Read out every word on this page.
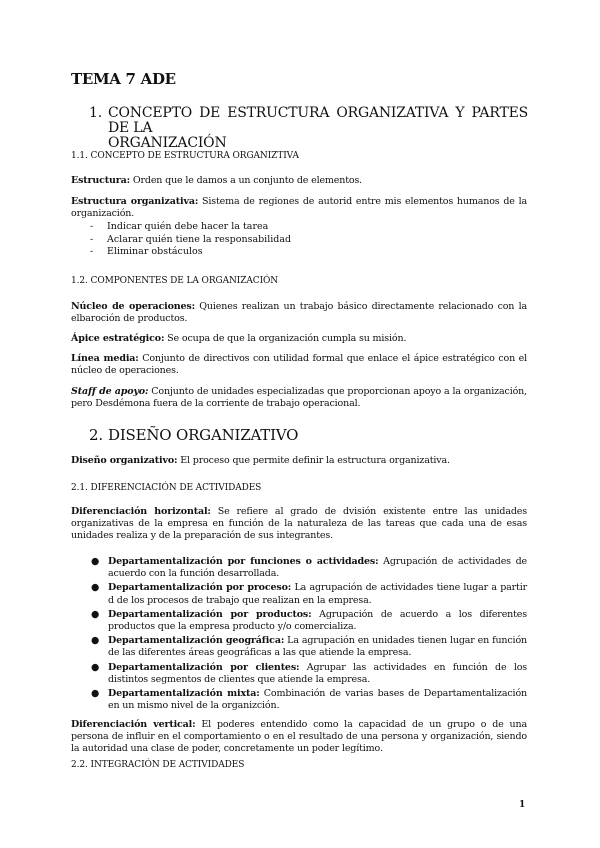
TEMA 7 ADE
1. CONCEPTO DE ESTRUCTURA ORGANIZATIVA Y PARTES DE LA
ORGANIZACIÓN
1.1. CONCEPTO DE ESTRUCTURA ORGANIZTIVA
Estructura: Orden que le damos a un conjunto de elementos.
Estructura organizativa: Sistema de regiones de autorid entre mis elementos humanos de la organización.
- Indicar quién debe hacer la tarea
- Aclarar quién tiene la responsabilidad
- Eliminar obstáculos
1.2. COMPONENTES DE LA ORGANIZACIÓN
Núcleo de operaciones: Quienes realizan un trabajo básico directamente relacionado con la elbaroción de productos.
Ápice estratégico: Se ocupa de que la organización cumpla su misión.
Línea media: Conjunto de directivos con utilidad formal que enlace el ápice estratégico con el núcleo de operaciones.
Staff de apoyo: Conjunto de unidades especializadas que proporcionan apoyo a la organización, pero Desdémona fuera de la corriente de trabajo operacional.
2. DISEÑO ORGANIZATIVO
Diseño organizativo: El proceso que permite definir la estructura organizativa.
2.1. DIFERENCIACIÓN DE ACTIVIDADES
Diferenciación horizontal: Se refiere al grado de dvisión existente entre las unidades organizativas de la empresa en función de la naturaleza de las tareas que cada una de esas unidades realiza y de la preparación de sus integrantes.
● Departamentalización por funciones o actividades: Agrupación de actividades de acuerdo con la función desarrollada.
● Departamentalización por proceso: La agrupación de actividades tiene lugar a partir d de los procesos de trabajo que realizan en la empresa.
● Departamentalización por productos: Agrupación de acuerdo a los diferentes productos que la empresa producto y/o comercializa.
● Departamentalización geográfica: La agrupación en unidades tienen lugar en función de las diferentes áreas geográficas a las que atiende la empresa.
● Departamentalización por clientes: Agrupar las actividades en función de los distintos segmentos de clientes que atiende la empresa.
● Departamentalización mixta: Combinación de varias bases de Departamentalización en un mismo nivel de la organizción.
Diferenciación vertical: El poderes entendido como la capacidad de un grupo o de una persona de influir en el comportamiento o en el resultado de una persona y organización, siendo la autoridad una clase de poder, concretamente un poder legítimo.
2.2. INTEGRACIÓN DE ACTIVIDADES
1
